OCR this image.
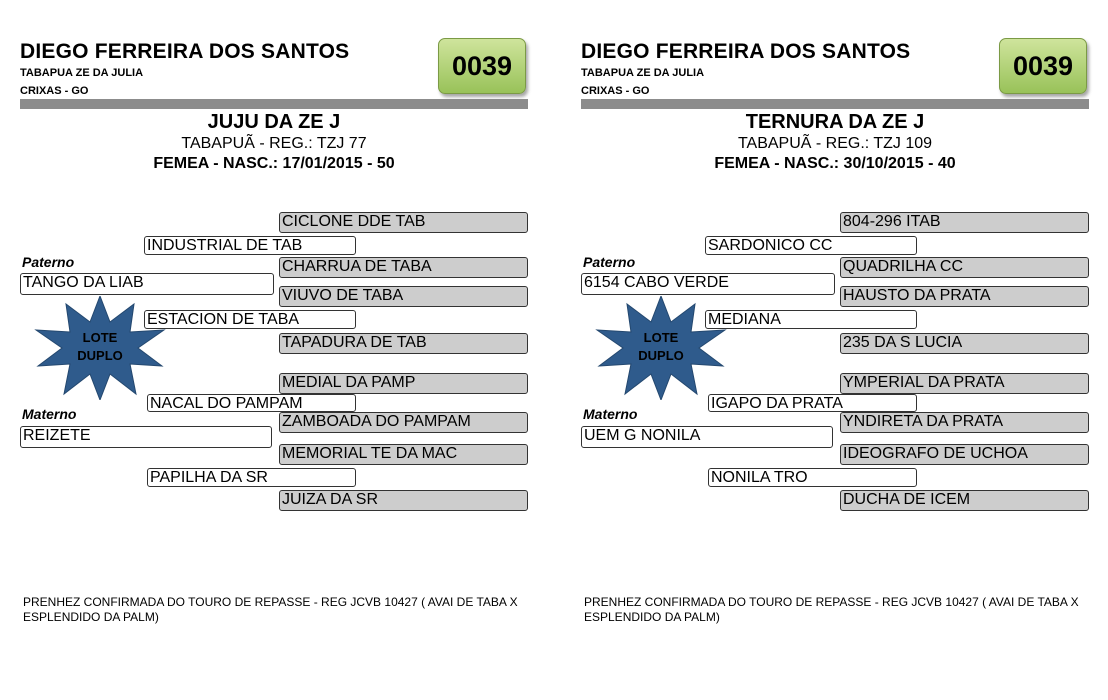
DIEGO FERREIRA DOS SANTOS
TABAPUA ZE DA JULIA
CRIXAS - GO
0039
JUJU DA ZE J
TABAPUÃ - REG.: TZJ 77
FEMEA - NASC.: 17/01/2015 - 50
CICLONE DDE TAB
INDUSTRIAL DE TAB
Paterno	CHARRUA DE TABA
TANGO DA LIAB
VIUVO DE TABA
ESTACION DE TABA
TAPADURA DE TAB
LOTE
DUPLO
MEDIAL DA PAMP
NACAL DO PAMPAM
Materno	ZAMBOADA DO PAMPAM
REIZETE
MEMORIAL TE DA MAC
PAPILHA DA SR
JUIZA DA SR
PRENHEZ CONFIRMADA DO TOURO DE REPASSE - REG JCVB 10427 ( AVAI DE TABA X ESPLENDIDO DA PALM)
DIEGO FERREIRA DOS SANTOS
TABAPUA ZE DA JULIA
CRIXAS - GO
0039
TERNURA DA ZE J
TABAPUÃ - REG.: TZJ 109
FEMEA - NASC.: 30/10/2015 - 40
804-296 ITAB
SARDONICO CC
Paterno	QUADRILHA CC
6154 CABO VERDE
HAUSTO DA PRATA
MEDIANA
235 DA S LUCIA
LOTE
DUPLO
YMPERIAL DA PRATA
IGAPO DA PRATA
Materno	YNDIRETA DA PRATA
UEM G NONILA
IDEOGRAFO DE UCHOA
NONILA TRO
DUCHA DE ICEM
PRENHEZ CONFIRMADA DO TOURO DE REPASSE - REG JCVB 10427 ( AVAI DE TABA X ESPLENDIDO DA PALM)
